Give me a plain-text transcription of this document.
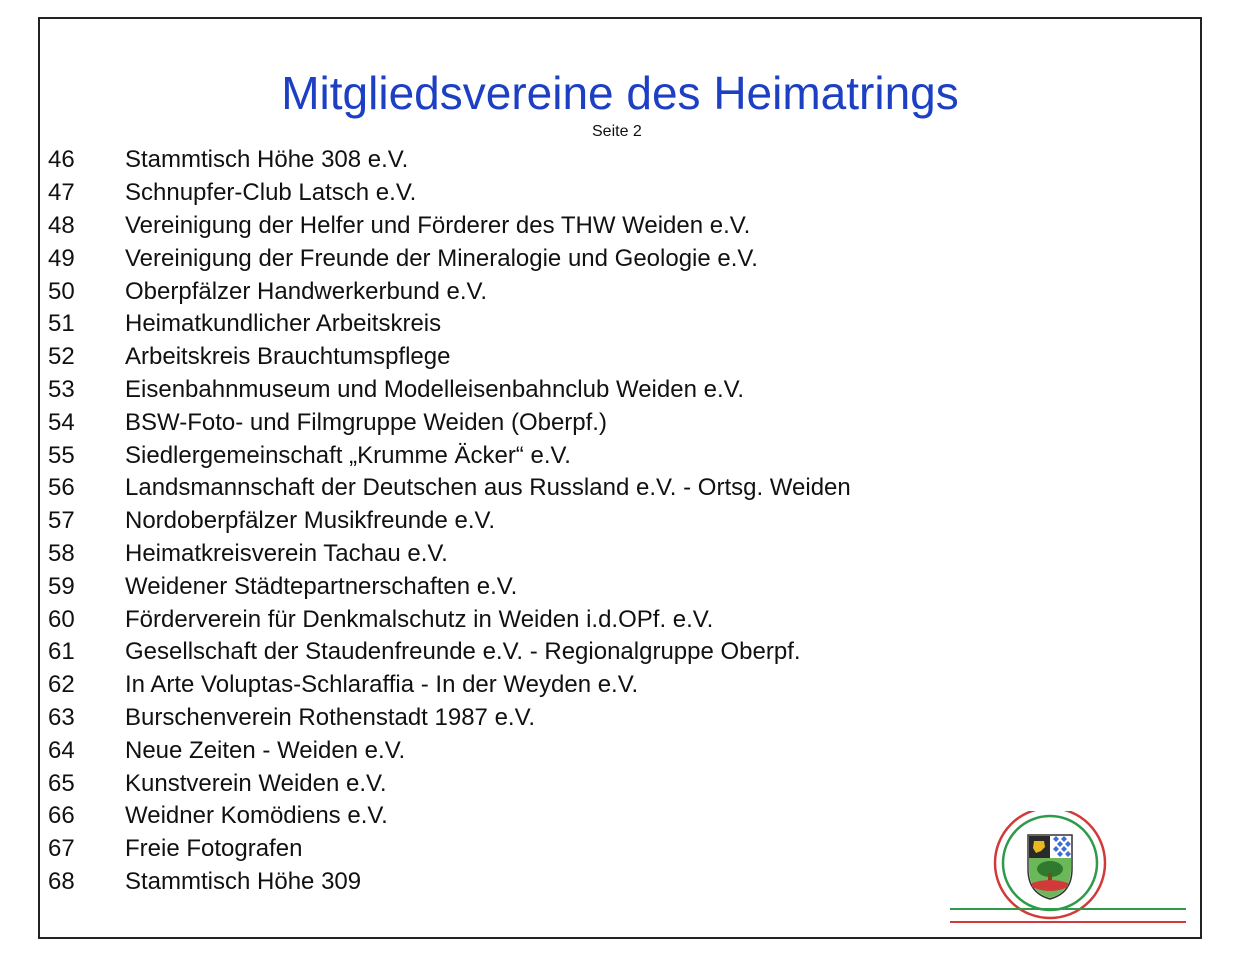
Mitgliedsvereine des Heimatrings
Seite 2
46	Stammtisch Höhe 308 e.V.
47	Schnupfer-Club Latsch e.V.
48	Vereinigung der Helfer und Förderer des THW Weiden e.V.
49	Vereinigung der Freunde der Mineralogie und Geologie e.V.
50	Oberpfälzer Handwerkerbund e.V.
51	Heimatkundlicher Arbeitskreis
52	Arbeitskreis Brauchtumspflege
53	Eisenbahnmuseum und Modelleisenbahnclub Weiden e.V.
54	BSW-Foto- und Filmgruppe Weiden (Oberpf.)
55	Siedlergemeinschaft „Krumme Äcker“ e.V.
56	Landsmannschaft der Deutschen aus Russland e.V. - Ortsg. Weiden
57	Nordoberpfälzer Musikfreunde e.V.
58	Heimatkreisverein Tachau e.V.
59	Weidener Städtepartnerschaften e.V.
60	Förderverein für Denkmalschutz in Weiden i.d.OPf. e.V.
61	Gesellschaft der Staudenfreunde e.V. - Regionalgruppe Oberpf.
62	In Arte Voluptas-Schlaraffia - In der Weyden e.V.
63	Burschenverein Rothenstadt 1987 e.V.
64	Neue Zeiten - Weiden e.V.
65	Kunstverein Weiden e.V.
66	Weidner Komödiens e.V.
67	Freie Fotografen
68	Stammtisch Höhe 309
